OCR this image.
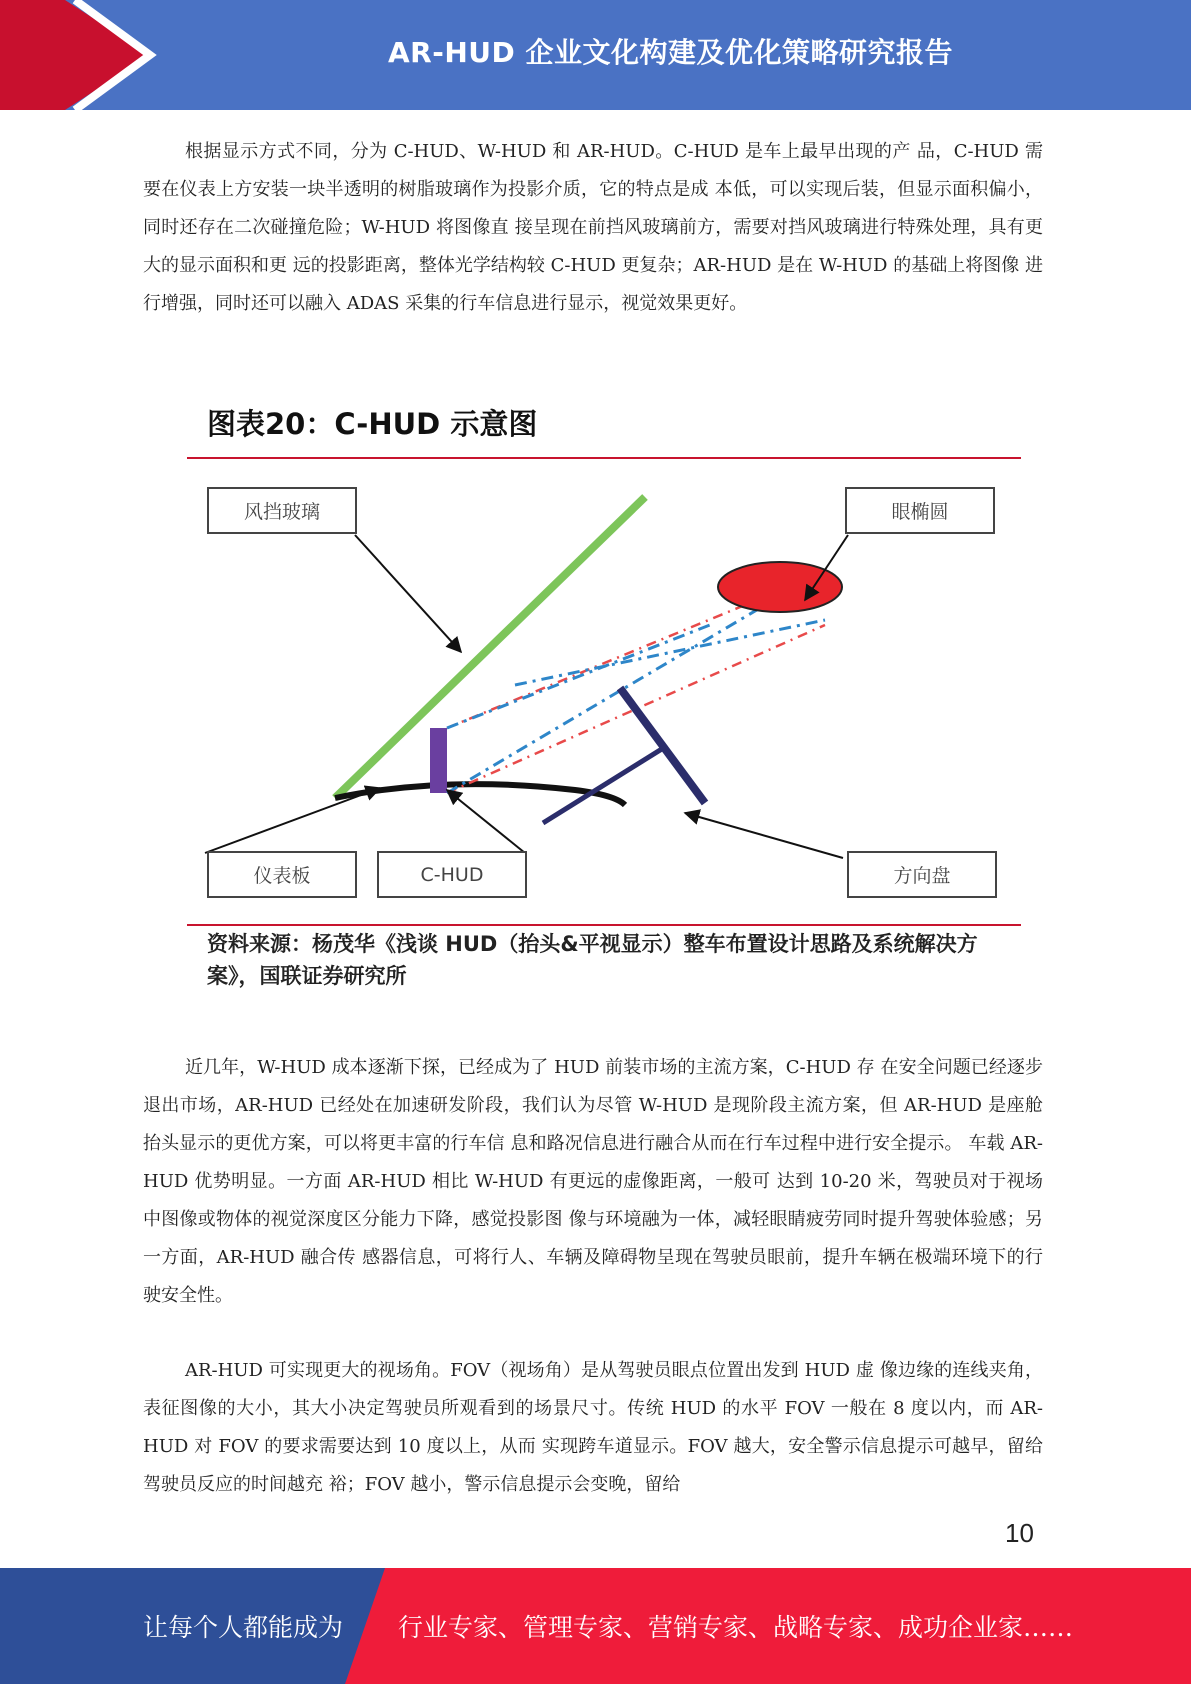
AR-HUD 企业文化构建及优化策略研究报告

根据显示方式不同，分为 C-HUD、W-HUD 和 AR-HUD。C-HUD 是车上最早出现的产 品，C-HUD 需要在仪表上方安装一块半透明的树脂玻璃作为投影介质，它的特点是成 本低，可以实现后装，但显示面积偏小，同时还存在二次碰撞危险；W-HUD 将图像直 接呈现在前挡风玻璃前方，需要对挡风玻璃进行特殊处理，具有更大的显示面积和更 远的投影距离，整体光学结构较 C-HUD 更复杂；AR-HUD 是在 W-HUD 的基础上将图像 进行增强，同时还可以融入 ADAS 采集的行车信息进行显示，视觉效果更好。

图表20：C-HUD 示意图
风挡玻璃	眼椭圆
仪表板	C-HUD	方向盘

资料来源：杨茂华《浅谈 HUD（抬头&平视显示）整车布置设计思路及系统解决方案》，国联证券研究所

近几年，W-HUD 成本逐渐下探，已经成为了 HUD 前装市场的主流方案，C-HUD 存 在安全问题已经逐步退出市场，AR-HUD 已经处在加速研发阶段，我们认为尽管 W-HUD 是现阶段主流方案，但 AR-HUD 是座舱抬头显示的更优方案，可以将更丰富的行车信 息和路况信息进行融合从而在行车过程中进行安全提示。 车载 AR-HUD 优势明显。一方面 AR-HUD 相比 W-HUD 有更远的虚像距离，一般可 达到 10-20 米，驾驶员对于视场中图像或物体的视觉深度区分能力下降，感觉投影图 像与环境融为一体，减轻眼睛疲劳同时提升驾驶体验感；另一方面，AR-HUD 融合传 感器信息，可将行人、车辆及障碍物呈现在驾驶员眼前，提升车辆在极端环境下的行 驶安全性。

AR-HUD 可实现更大的视场角。FOV（视场角）是从驾驶员眼点位置出发到 HUD 虚 像边缘的连线夹角，表征图像的大小，其大小决定驾驶员所观看到的场景尺寸。传统 HUD 的水平 FOV 一般在 8 度以内，而 AR-HUD 对 FOV 的要求需要达到 10 度以上，从而 实现跨车道显示。FOV 越大，安全警示信息提示可越早，留给驾驶员反应的时间越充 裕；FOV 越小，警示信息提示会变晚，留给

10
让每个人都能成为 行业专家、管理专家、营销专家、战略专家、成功企业家……
